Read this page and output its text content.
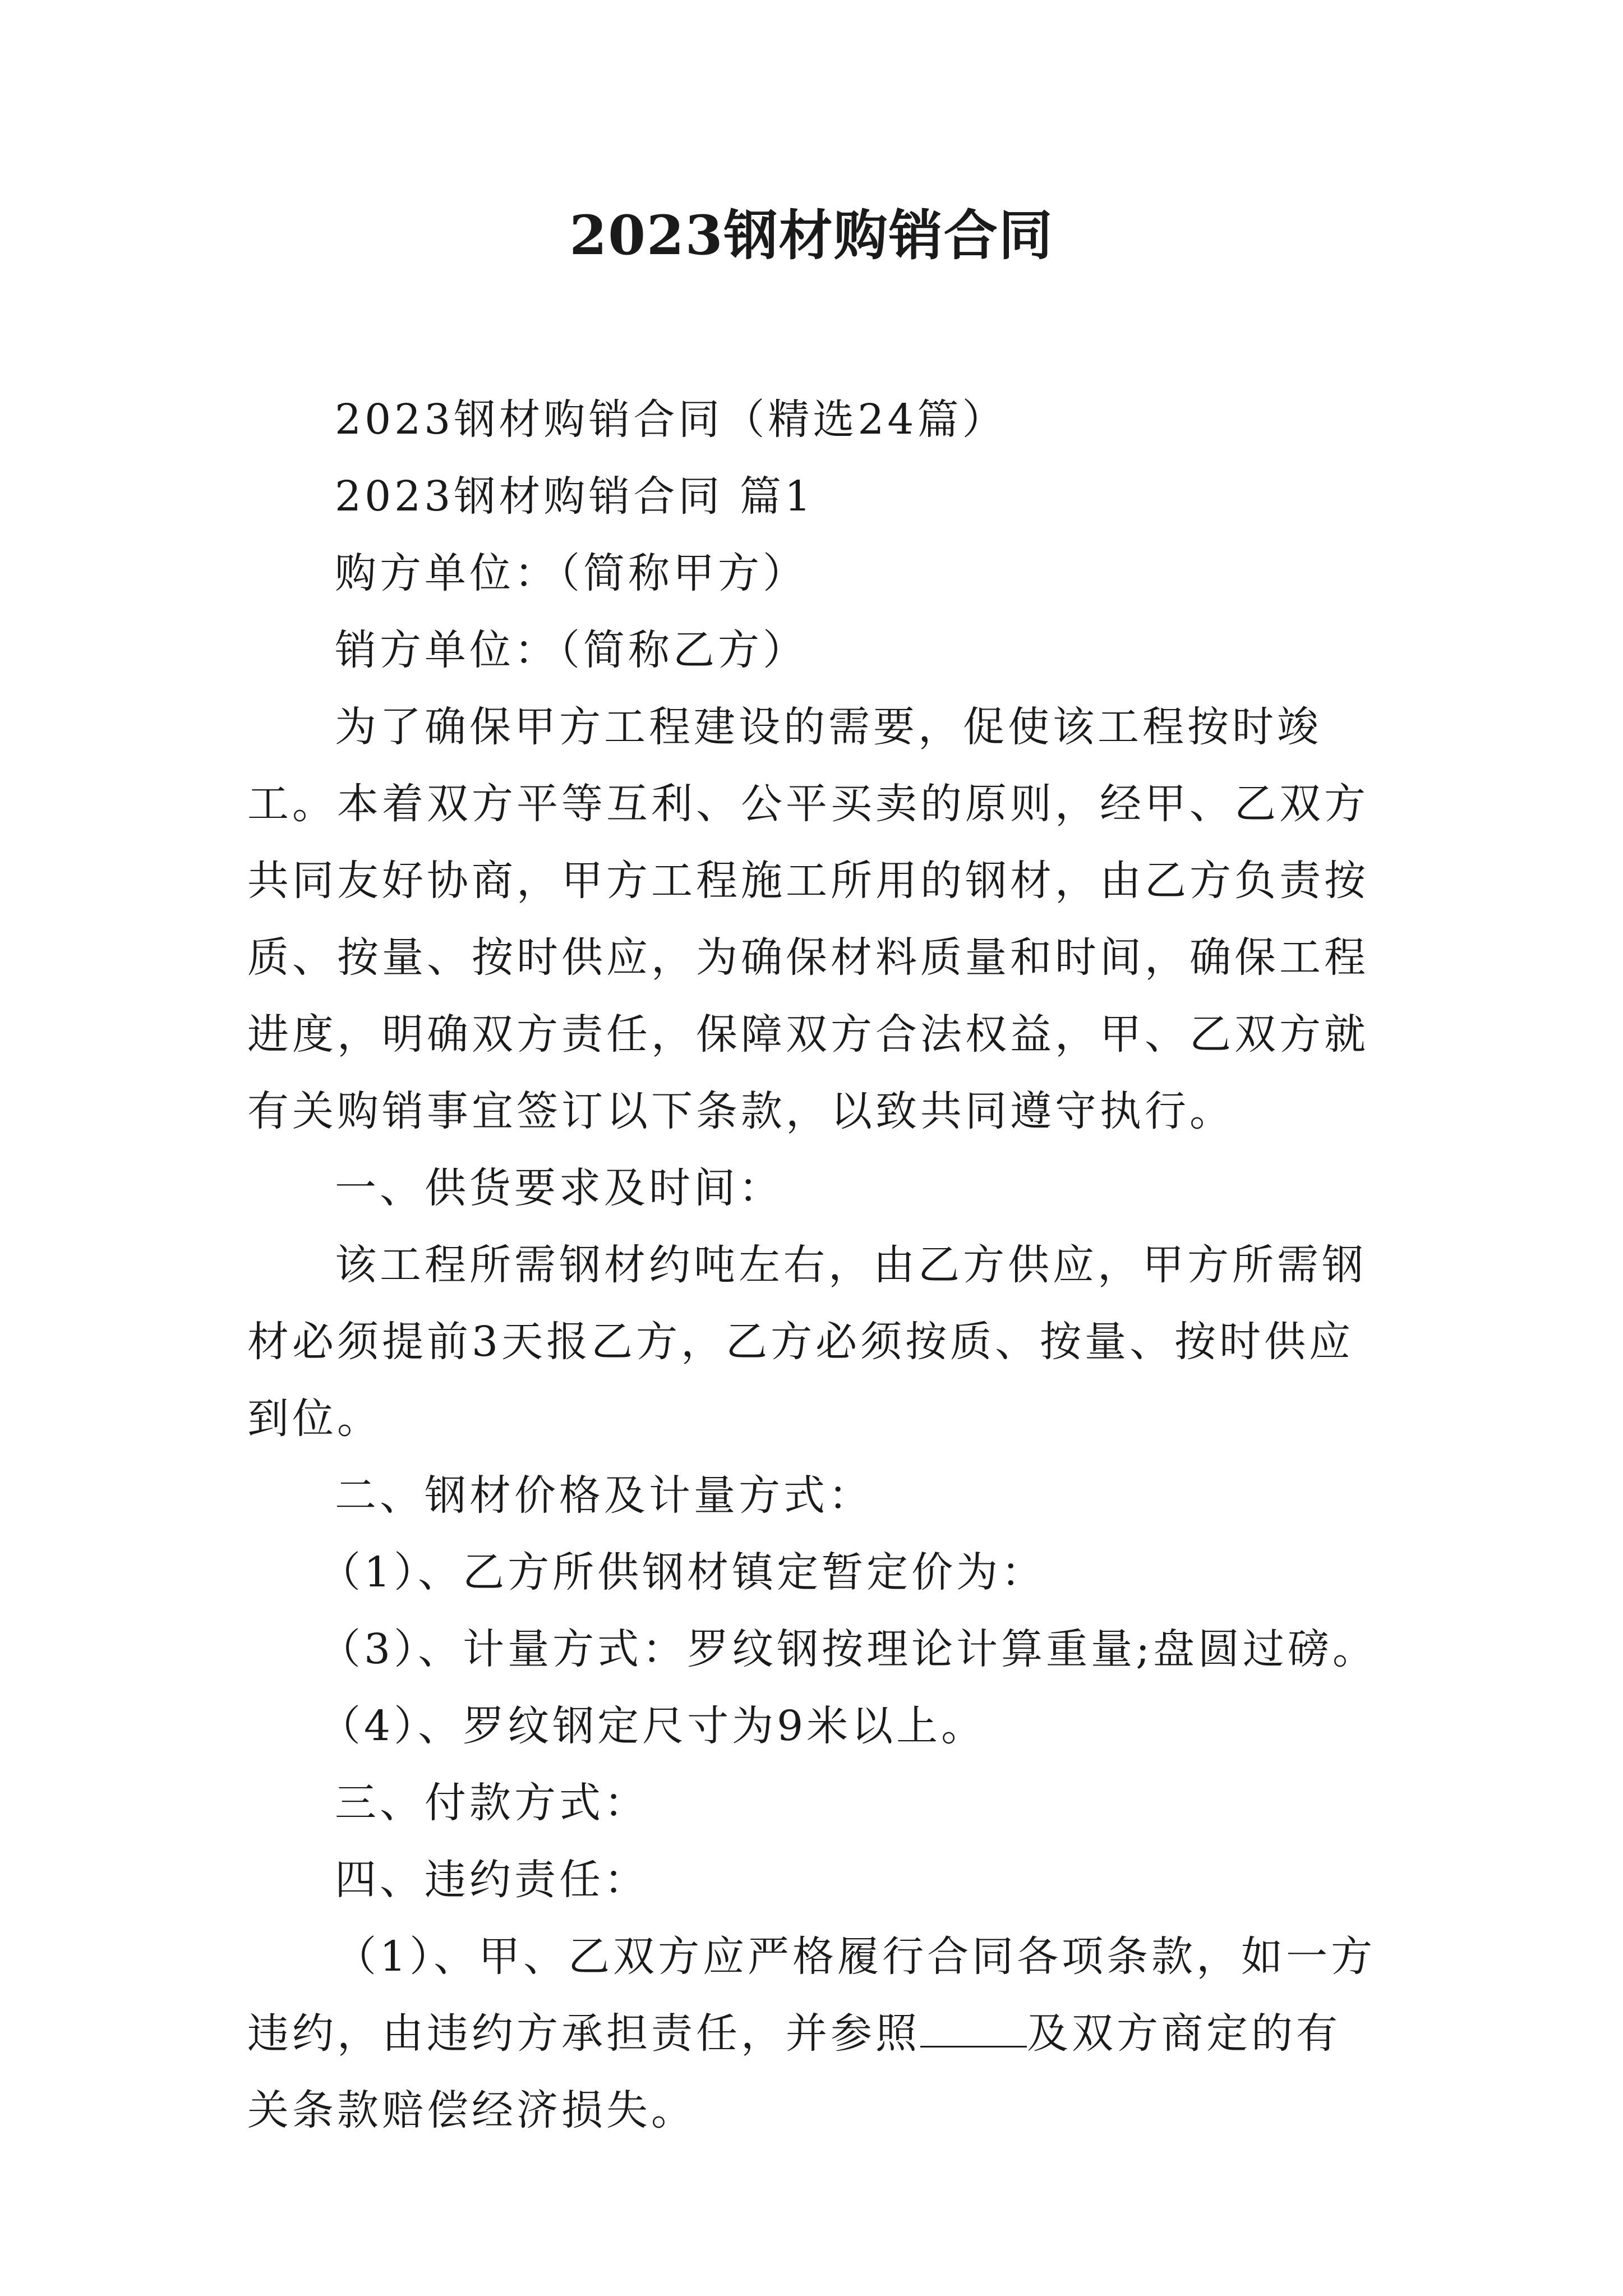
2023钢材购销合同

2023钢材购销合同（精选24篇）

2023钢材购销合同 篇1

购方单位：（简称甲方）

销方单位：（简称乙方）

为了确保甲方工程建设的需要，促使该工程按时竣工。本着双方平等互利、公平买卖的原则，经甲、乙双方共同友好协商，甲方工程施工所用的钢材，由乙方负责按质、按量、按时供应，为确保材料质量和时间，确保工程进度，明确双方责任，保障双方合法权益，甲、乙双方就有关购销事宜签订以下条款，以致共同遵守执行。

一、供货要求及时间：

该工程所需钢材约吨左右，由乙方供应，甲方所需钢材必须提前3天报乙方，乙方必须按质、按量、按时供应到位。

二、钢材价格及计量方式：

（1）、乙方所供钢材镇定暂定价为：

（3）、计量方式：罗纹钢按理论计算重量;盘圆过磅。

（4）、罗纹钢定尺寸为9米以上。

三、付款方式：

四、违约责任：

（1）、甲、乙双方应严格履行合同各项条款，如一方违约，由违约方承担责任，并参照	及双方商定的有关条款赔偿经济损失。
